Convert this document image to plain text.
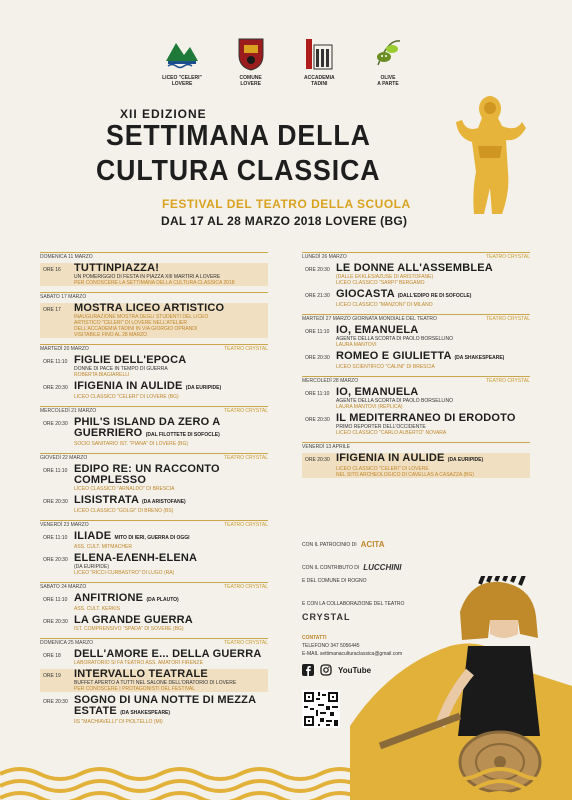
LICEO "CELERI"
LOVERE
COMUNE
LOVERE
ACCADEMIA
TADINI
OLIVE
A PARTE
XII EDIZIONE
SETTIMANA DELLA
CULTURA CLASSICA
FESTIVAL DEL TEATRO DELLA SCUOLA
DAL 17 AL 28 MARZO 2018 LOVERE (BG)
DOMENICA 11 MARZO
ORE 16	TUTTINPIAZZA!
UN POMERIGGIO DI FESTA IN PIAZZA XIII MARTIRI A LOVERE
PER CONOSCERE LA SETTIMANA DELLA CULTURA CLASSICA 2018
SABATO 17 MARZO
ORE 17	MOSTRA LICEO ARTISTICO
INAUGURAZIONE MOSTRA DEGLI STUDENTI DEL LICEO
ARTISTICO "CELERI" DI LOVERE NELL'ATELIER
DELL'ACCADEMIA TADINI IN VIA GIORGIO OPRANDI
VISITABILE FINO AL 28 MARZO
MARTEDÌ 20 MARZO	TEATRO CRYSTAL
ORE 11:10 FIGLIE DELL'EPOCA
DONNE DI PACE IN TEMPO DI GUERRA
ROBERTA BIAGIARELLI
ORE 20:30 IFIGENIA IN AULIDE (DA EURIPIDE)
LICEO CLASSICO "CELERI" DI LOVERE (BG)
MERCOLEDÌ 21 MARZO	TEATRO CRYSTAL
ORE 20:30 PHIL'S ISLAND DA ZERO A GUERRIERO (DAL FILOTTETE DI SOFOCLE)
SOCIO SANITARIO IST. "PIANA" DI LOVERE (BG)
GIOVEDÌ 22 MARZO	TEATRO CRYSTAL
ORE 11:10 EDIPO RE: UN RACCONTO COMPLESSO
LICEO CLASSICO "ARNALDO" DI BRESCIA
ORE 20:30 LISISTRATA (DA ARISTOFANE)
LICEO CLASSICO "GOLGI" DI BRENO (BS)
VENERDÌ 23 MARZO	TEATRO CRYSTAL
ORE 11:10 ILIADE MITO DI IERI, GUERRA DI OGGI
ASS. CULT. MITMACHER
ORE 20:30 ELENA-ΕΛΕΝΗ-ELENA
(DA EURIPIDE)
LICEO "RICCI-CURBASTRO" DI LUGO (RA)
SABATO 24 MARZO	TEATRO CRYSTAL
ORE 11:10 ANFITRIONE (DA PLAUTO)
ASS. CULT. KERKIS
ORE 20:30 LA GRANDE GUERRA
IST. COMPRENSIVO "SPADA" DI SOVERE (BG)
DOMENICA 25 MARZO	TEATRO CRYSTAL
ORE 18	DELL'AMORE E... DELLA GUERRA
LABORATORIO SI FA TEATRO ASS. AMATORI FIRENZE
ORE 19	INTERVALLO TEATRALE
BUFFET APERTO A TUTTI NEL SALONE DELL'ORATORIO DI LOVERE
PER CONOSCERE I PROTAGONISTI DEL FESTIVAL
ORE 20:30 SOGNO DI UNA NOTTE DI MEZZA ESTATE (DA SHAKESPEARE)
IIS "MACHIAVELLI" DI PIOLTELLO (MI)
LUNEDÌ 26 MARZO	TEATRO CRYSTAL
ORE 20:30 LE DONNE ALL'ASSEMBLEA
(DALLE EKKLESIAZUSE DI ARISTOFANE)
LICEO CLASSICO "SARPI" BERGAMO
ORE 21:30 GIOCASTA (DALL'EDIPO RE DI SOFOCLE)
LICEO CLASSICO "MANZONI" DI MILANO
MARTEDÌ 27 MARZO GIORNATA MONDIALE DEL TEATRO	TEATRO CRYSTAL
ORE 11:10 IO, EMANUELA
AGENTE DELLA SCORTA DI PAOLO BORSELLINO
LAURA MANTOVI
ORE 20:30 ROMEO E GIULIETTA (DA SHAKESPEARE)
LICEO SCIENTIFICO "CALINI" DI BRESCIA
MERCOLEDÌ 28 MARZO	TEATRO CRYSTAL
ORE 11:10 IO, EMANUELA
AGENTE DELLA SCORTA DI PAOLO BORSELLINO
LAURA MANTOVI (REPLICA)
ORE 20:30 IL MEDITERRANEO DI ERODOTO
PRIMO REPORTER DELL'OCCIDENTE
LICEO CLASSICO "CARLO ALBERTO" NOVARA
VENERDÌ 13 APRILE
ORE 20:30 IFIGENIA IN AULIDE (DA EURIPIDE)
LICEO CLASSICO "CELERI" DI LOVERE
NEL SITO ARCHEOLOGICO DI CAVELLAS A CASAZZA (BG)
CON IL PATROCINIO DI ACITA
CON IL CONTRIBUTO DI LUCCHINI
E DEL COMUNE DI ROGNO
E CON LA COLLABORAZIONE DEL TEATRO
CRYSTAL
CONTATTI
TELEFONO 347 5056445
E-MAIL settimanaculturaclassica@gmail.com
YouTube
